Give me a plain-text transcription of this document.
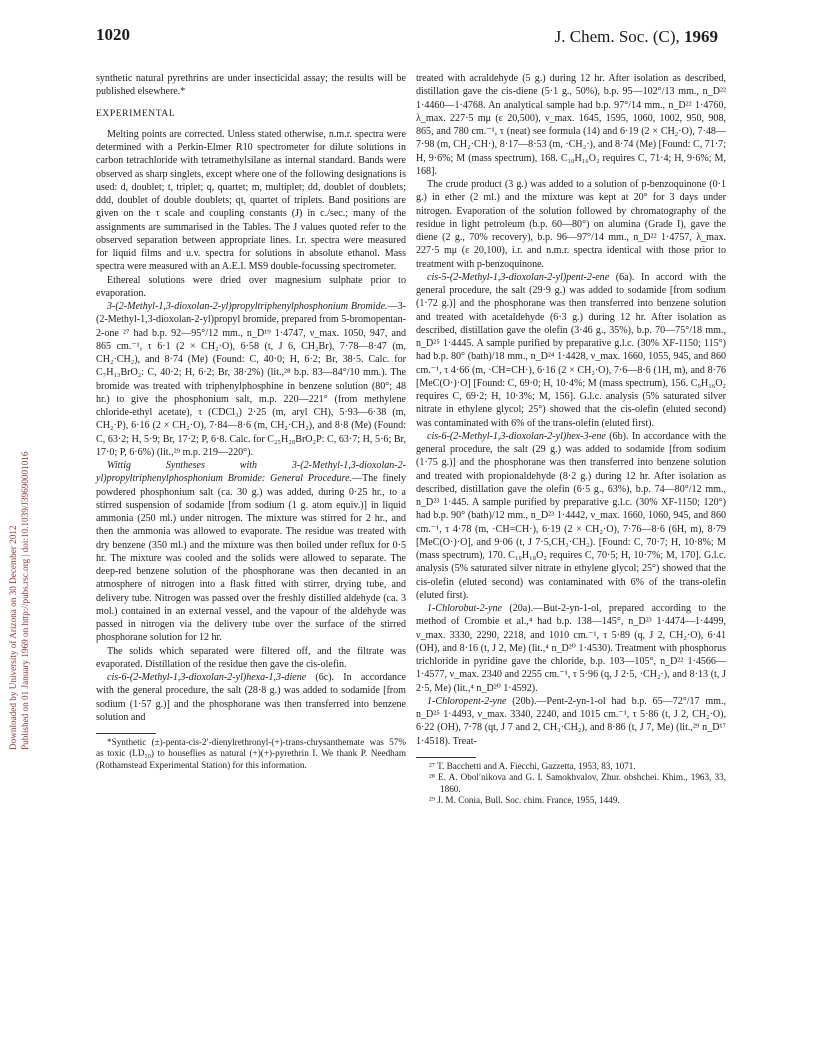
1020	J. Chem. Soc. (C), 1969
Downloaded by University of Arizona on 30 December 2012 Published on 01 January 1969 on http://pubs.rsc.org | doi:10.1039/J39690001016

synthetic natural pyrethrins are under insecticidal assay; the results will be published elsewhere.*

EXPERIMENTAL

Melting points are corrected. Unless stated otherwise, n.m.r. spectra were determined with a Perkin-Elmer R10 spectrometer for dilute solutions in carbon tetrachloride with tetramethylsilane as internal standard. Bands were observed as sharp singlets, except where one of the following designations is used: d, doublet; t, triplet; q, quartet; m, multiplet; dd, doublet of doublets; ddd, doublet of double doublets; qt, quartet of triplets. Band positions are given on the τ scale and coupling constants (J) in c./sec.; many of the assignments are summarised in the Tables. The J values quoted refer to the observed separation between appropriate lines. I.r. spectra were measured for liquid films and u.v. spectra for solutions in absolute ethanol. Mass spectra were measured with an A.E.I. MS9 double-focussing spectrometer.

Ethereal solutions were dried over magnesium sulphate prior to evaporation.

3-(2-Methyl-1,3-dioxolan-2-yl)propyltriphenylphosphonium Bromide.—3-(2-Methyl-1,3-dioxolan-2-yl)propyl bromide, prepared from 5-bromopentan-2-one ²⁷ had b.p. 92—95°/12 mm., n_D¹⁹ 1·4747, ν_max. 1050, 947, and 865 cm.⁻¹, τ 6·1 (2 × CH₂·O), 6·58 (t, J 6, CH₂Br), 7·78—8·47 (m, CH₂·CH₂), and 8·74 (Me) (Found: C, 40·0; H, 6·2; Br, 38·5. Calc. for C₇H₁₃BrO₂: C, 40·2; H, 6·2; Br, 38·2%) (lit.,²⁸ b.p. 83—84°/10 mm.). The bromide was treated with triphenylphosphine in benzene solution (80°; 48 hr.) to give the phosphonium salt, m.p. 220—221° (from methylene chloride-ethyl acetate), τ (CDCl₃) 2·25 (m, aryl CH), 5·93—6·38 (m, CH₂·P), 6·16 (2 × CH₂·O), 7·84—8·6 (m, CH₂·CH₂), and 8·8 (Me) (Found: C, 63·2; H, 5·9; Br, 17·2; P, 6·8. Calc. for C₂₅H₂₈BrO₂P: C, 63·7; H, 5·6; Br, 17·0; P, 6·6%) (lit.,²⁹ m.p. 219—220°).

Wittig Syntheses with 3-(2-Methyl-1,3-dioxolan-2-yl)propyltriphenylphosphonium Bromide: General Procedure.—The finely powdered phosphonium salt (ca. 30 g.) was added, during 0·25 hr., to a stirred suspension of sodamide [from sodium (1 g. atom equiv.)] in liquid ammonia (250 ml.) under nitrogen. The mixture was stirred for 2 hr., and then the ammonia was allowed to evaporate. The residue was treated with dry benzene (350 ml.) and the mixture was then boiled under reflux for 0·5 hr. The mixture was cooled and the solids were allowed to separate. The deep-red benzene solution of the phosphorane was then decanted in an atmosphere of nitrogen into a flask fitted with stirrer, drying tube, and delivery tube. Nitrogen was passed over the freshly distilled aldehyde (ca. 3 mol.) contained in an external vessel, and the vapour of the aldehyde was passed in nitrogen via the delivery tube over the surface of the stirred phosphorane solution for 12 hr.

The solids which separated were filtered off, and the filtrate was evaporated. Distillation of the residue then gave the cis-olefin.

cis-6-(2-Methyl-1,3-dioxolan-2-yl)hexa-1,3-diene (6c). In accordance with the general procedure, the salt (28·8 g.) was added to sodamide [from sodium (1·57 g.)] and the phosphorane was then transferred into benzene solution and

*Synthetic (±)-penta-cis-2′-dienylrethronyl-(+)-trans-chrysanthemate was 57% as toxic (LD₅₀) to houseflies as natural (+)(+)-pyrethrin I. We thank P. Needham (Rothamstead Experimental Station) for this information.

treated with acraldehyde (5 g.) during 12 hr. After isolation as described, distillation gave the cis-diene (5·1 g., 50%), b.p. 95—102°/13 mm., n_D²² 1·4460—1·4768. An analytical sample had b.p. 97°/14 mm., n_D²² 1·4760, λ_max. 227·5 mμ (ε 20,500), ν_max. 1645, 1595, 1060, 1002, 950, 908, 865, and 780 cm.⁻¹, τ (neat) see formula (14) and 6·19 (2 × CH₂·O), 7·48—7·98 (m, CH₂·CH·), 8·17—8·53 (m, ·CH₂·), and 8·74 (Me) [Found: C, 71·7; H, 9·6%; M (mass spectrum), 168. C₁₀H₁₆O₂ requires C, 71·4; H, 9·6%; M, 168].

The crude product (3 g.) was added to a solution of p-benzoquinone (0·1 g.) in ether (2 ml.) and the mixture was kept at 20° for 3 days under nitrogen. Evaporation of the solution followed by chromatography of the residue in light petroleum (b.p. 60—80°) on alumina (Grade I), gave the diene (2 g., 70% recovery), b.p. 96—97°/14 mm., n_D²² 1·4757, λ_max. 227·5 mμ (ε 20,100), i.r. and n.m.r. spectra identical with those prior to treatment with p-benzoquinone.

cis-5-(2-Methyl-1,3-dioxolan-2-yl)pent-2-ene (6a). In accord with the general procedure, the salt (29·9 g.) was added to sodamide [from sodium (1·72 g.)] and the phosphorane was then transferred into benzene solution and treated with acetaldehyde (6·3 g.) during 12 hr. After isolation as described, distillation gave the olefin (3·46 g., 35%), b.p. 70—75°/18 mm., n_D²⁵ 1·4445. A sample purified by preparative g.l.c. (30% XF-1150; 115°) had b.p. 80° (bath)/18 mm., n_D²⁴ 1·4428, ν_max. 1660, 1055, 945, and 860 cm.⁻¹, τ 4·66 (m, ·CH=CH·), 6·16 (2 × CH₂·O), 7·6—8·6 (1H, m), and 8·76 [MeC(O·)·O] [Found: C, 69·0; H, 10·4%; M (mass spectrum), 156. C₉H₁₆O₂ requires C, 69·2; H, 10·3%; M, 156]. G.l.c. analysis (5% saturated silver nitrate in ethylene glycol; 25°) showed that the cis-olefin (eluted second) was contaminated with 6% of the trans-olefin (eluted first).

cis-6-(2-Methyl-1,3-dioxolan-2-yl)hex-3-ene (6b). In accordance with the general procedure, the salt (29 g.) was added to sodamide [from sodium (1·75 g.)] and the phosphorane was then transferred into benzene solution and treated with propionaldehyde (8·2 g.) during 12 hr. After isolation as described, distillation gave the olefin (6·5 g., 63%), b.p. 74—80°/12 mm., n_D²³ 1·445. A sample purified by preparative g.l.c. (30% XF-1150; 120°) had b.p. 90° (bath)/12 mm., n_D²³ 1·4442, ν_max. 1660, 1060, 945, and 860 cm.⁻¹, τ 4·78 (m, ·CH=CH·), 6·19 (2 × CH₂·O), 7·76—8·6 (6H, m), 8·79 [MeC(O·)·O], and 9·06 (t, J 7·5,CH₃·CH₂). [Found: C, 70·7; H, 10·8%; M (mass spectrum), 170. C₁₀H₁₈O₂ requires C, 70·5; H, 10·7%; M, 170]. G.l.c. analysis (5% saturated silver nitrate in ethylene glycol; 25°) showed that the cis-olefin (eluted second) was contaminated with 6% of the trans-olefin (eluted first).

1-Chlorobut-2-yne (20a).—But-2-yn-1-ol, prepared according to the method of Crombie et al.,⁴ had b.p. 138—145°, n_D²³ 1·4474—1·4499, ν_max. 3330, 2290, 2218, and 1010 cm.⁻¹, τ 5·89 (q, J 2, CH₂·O), 6·41 (OH), and 8·16 (t, J 2, Me) (lit.,⁴ n_D²⁰ 1·4530). Treatment with phosphorus trichloride in pyridine gave the chloride, b.p. 103—105°, n_D²² 1·4566—1·4577, ν_max. 2340 and 2255 cm.⁻¹, τ 5·96 (q, J 2·5, ·CH₂·), and 8·13 (t, J 2·5, Me) (lit.,⁴ n_D²⁰ 1·4592).

1-Chloropent-2-yne (20b).—Pent-2-yn-1-ol had b.p. 65—72°/17 mm., n_D²⁵ 1·4493, ν_max. 3340, 2240, and 1015 cm.⁻¹, τ 5·86 (t, J 2, CH₂·O), 6·22 (OH), 7·78 (qt, J 7 and 2, CH₃·CH₂), and 8·86 (t, J 7, Me) (lit.,²⁹ n_D¹⁷ 1·4518). Treat-

²⁷ T. Bacchetti and A. Fiecchi, Gazzetta, 1953, 83, 1071.

²⁸ E. A. Obol′nikova and G. I. Samokhvalov, Zhur. obshchei. Khim., 1963, 33, 1860.

²⁹ J. M. Conia, Bull. Soc. chim. France, 1955, 1449.
